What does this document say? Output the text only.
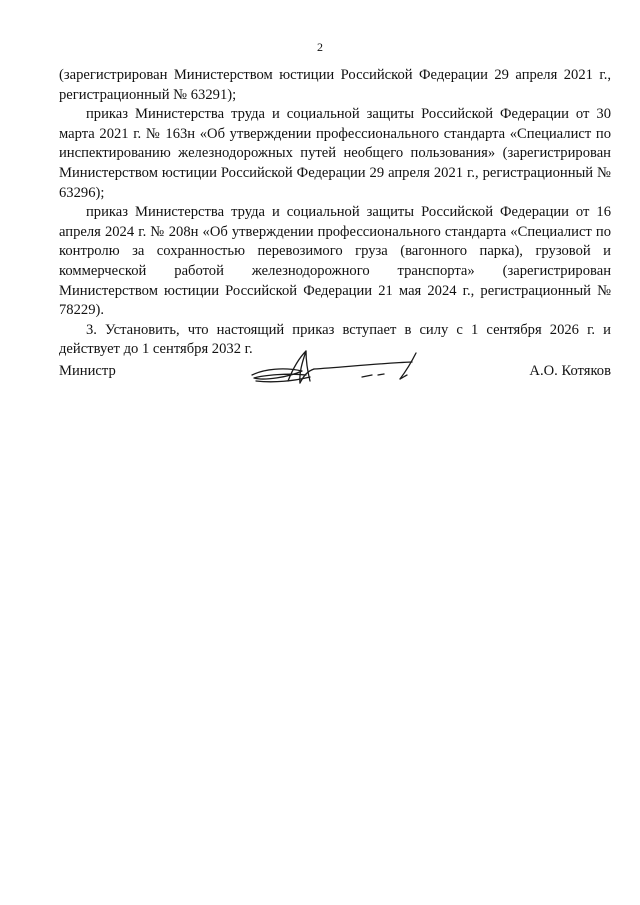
2

(зарегистрирован Министерством юстиции Российской Федерации 29 апреля 2021 г., регистрационный № 63291);

приказ Министерства труда и социальной защиты Российской Федерации от 30 марта 2021 г. № 163н «Об утверждении профессионального стандарта «Специалист по инспектированию железнодорожных путей необщего пользования» (зарегистрирован Министерством юстиции Российской Федерации 29 апреля 2021 г., регистрационный № 63296);

приказ Министерства труда и социальной защиты Российской Федерации от 16 апреля 2024 г. № 208н «Об утверждении профессионального стандарта «Специалист по контролю за сохранностью перевозимого груза (вагонного парка), грузовой и коммерческой работой железнодорожного транспорта» (зарегистрирован Министерством юстиции Российской Федерации 21 мая 2024 г., регистрационный № 78229).

3. Установить, что настоящий приказ вступает в силу с 1 сентября 2026 г. и действует до 1 сентября 2032 г.

Министр	А.О. Котяков
